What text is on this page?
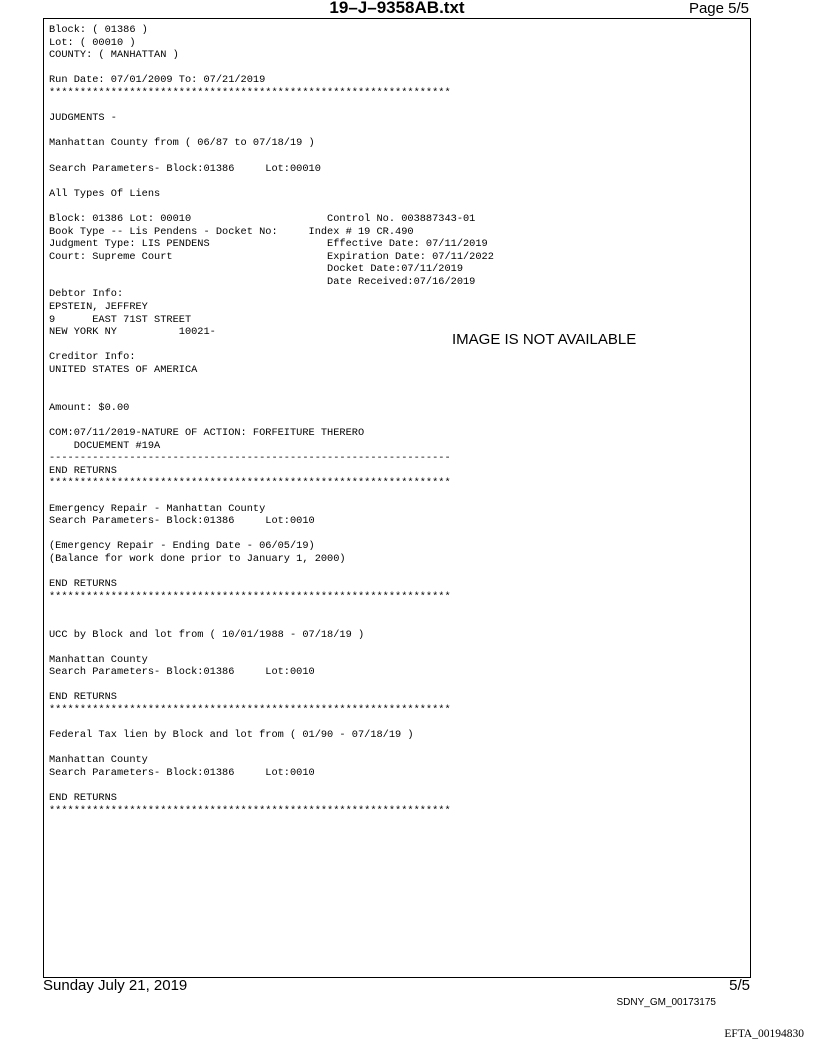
19–J–9358AB.txt	Page 5/5
Block: ( 01386 )
Lot: ( 00010 )
COUNTY: ( MANHATTAN )

Run Date: 07/01/2009 To: 07/21/2019
*****************************************************************

JUDGMENTS -

Manhattan County from ( 06/87 to 07/18/19 )

Search Parameters- Block:01386     Lot:00010

All Types Of Liens

Block: 01386 Lot: 00010                      Control No. 003887343-01
Book Type -- Lis Pendens - Docket No:     Index # 19 CR.490
Judgment Type: LIS PENDENS                   Effective Date: 07/11/2019
Court: Supreme Court                         Expiration Date: 07/11/2022
Docket Date:07/11/2019
Date Received:07/16/2019
Debtor Info:
EPSTEIN, JEFFREY
9      EAST 71ST STREET
NEW YORK NY          10021-

Creditor Info:
UNITED STATES OF AMERICA

Amount: $0.00

COM:07/11/2019-NATURE OF ACTION: FORFEITURE THERERO
DOCUEMENT #19A
-----------------------------------------------------------------
END RETURNS
*****************************************************************

Emergency Repair - Manhattan County
Search Parameters- Block:01386     Lot:0010

(Emergency Repair - Ending Date - 06/05/19)
(Balance for work done prior to January 1, 2000)

END RETURNS
*****************************************************************

UCC by Block and lot from ( 10/01/1988 - 07/18/19 )

Manhattan County
Search Parameters- Block:01386     Lot:0010

END RETURNS
*****************************************************************

Federal Tax lien by Block and lot from ( 01/90 - 07/18/19 )

Manhattan County
Search Parameters- Block:01386     Lot:0010

END RETURNS
*****************************************************************
IMAGE IS NOT AVAILABLE
Sunday July 21, 2019	5/5
SDNY_GM_00173175
EFTA_00194830
